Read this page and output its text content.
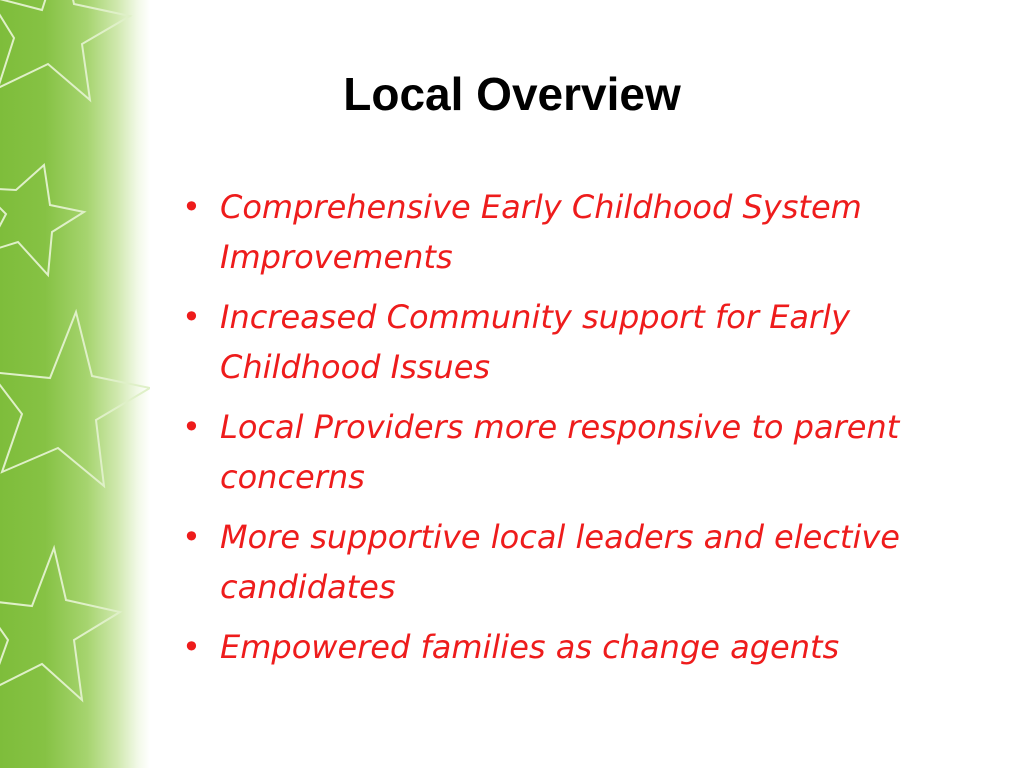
Local Overview
• Comprehensive Early Childhood System Improvements
• Increased Community support for Early Childhood Issues
• Local Providers more responsive to parent concerns
• More supportive local leaders and elective candidates
• Empowered families as change agents
